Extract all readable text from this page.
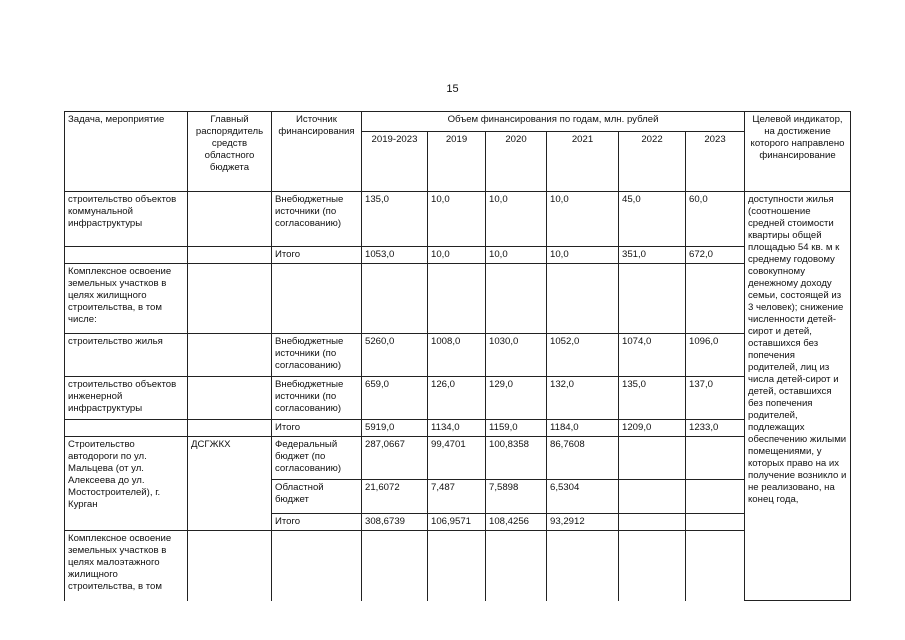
15
Задача, мероприятие	Главный распорядитель средств областного бюджета	Источник финансирования	Объем финансирования по годам, млн. рублей						Целевой индикатор, на достижение которого направлено финансирование
			2019-2023	2019	2020	2021	2022	2023	
строительство объектов коммунальной инфраструктуры		Внебюджетные источники (по согласованию)	135,0	10,0	10,0	10,0	45,0	60,0	доступности жилья (соотношение средней стоимости квартиры общей площадью 54 кв. м к среднему годовому совокупному денежному доходу семьи, состоящей из 3 человек); снижение численности детей-сирот и детей, оставшихся без попечения родителей, лиц из числа детей-сирот и детей, оставшихся без попечения родителей, подлежащих обеспечению жилыми помещениями, у которых право на их получение возникло и не реализовано, на конец года,
		Итого	1053,0	10,0	10,0	10,0	351,0	672,0	
Комплексное освоение земельных участков в целях жилищного строительства, в том числе:									
строительство жилья		Внебюджетные источники (по согласованию)	5260,0	1008,0	1030,0	1052,0	1074,0	1096,0	
строительство объектов инженерной инфраструктуры		Внебюджетные источники (по согласованию)	659,0	126,0	129,0	132,0	135,0	137,0	
		Итого	5919,0	1134,0	1159,0	1184,0	1209,0	1233,0	
Строительство автодороги по ул. Мальцева (от ул. Алексеева до ул. Мостостроителей), г. Курган	ДСГЖКХ	Федеральный бюджет (по согласованию)	287,0667	99,4701	100,8358	86,7608			
		Областной бюджет	21,6072	7,487	7,5898	6,5304			
		Итого	308,6739	106,9571	108,4256	93,2912			
Комплексное освоение земельных участков в целях малоэтажного жилищного строительства, в том									
